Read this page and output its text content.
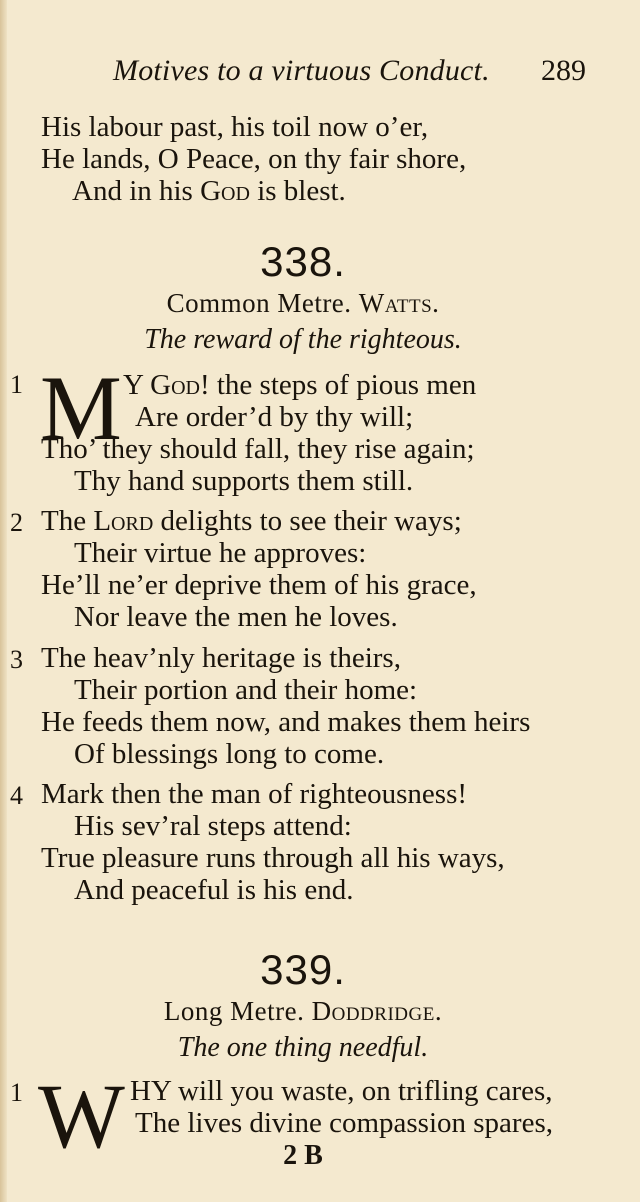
Motives to a virtuous Conduct. 289
His labour past, his toil now o’er,
He lands, O Peace, on thy fair shore,
And in his God is blest.
338.
Common Metre. Watts.
The reward of the righteous.
1 M Y God! the steps of pious men
Are order’d by thy will;
Tho’ they should fall, they rise again;
Thy hand supports them still.
2 The Lord delights to see their ways;
Their virtue he approves:
He’ll ne’er deprive them of his grace,
Nor leave the men he loves.
3 The heav’nly heritage is theirs,
Their portion and their home:
He feeds them now, and makes them heirs
Of blessings long to come.
4 Mark then the man of righteousness!
His sev’ral steps attend:
True pleasure runs through all his ways,
And peaceful is his end.
339.
Long Metre. Doddridge.
The one thing needful.
1 W HY will you waste, on trifling cares,
The lives divine compassion spares,
2 B
